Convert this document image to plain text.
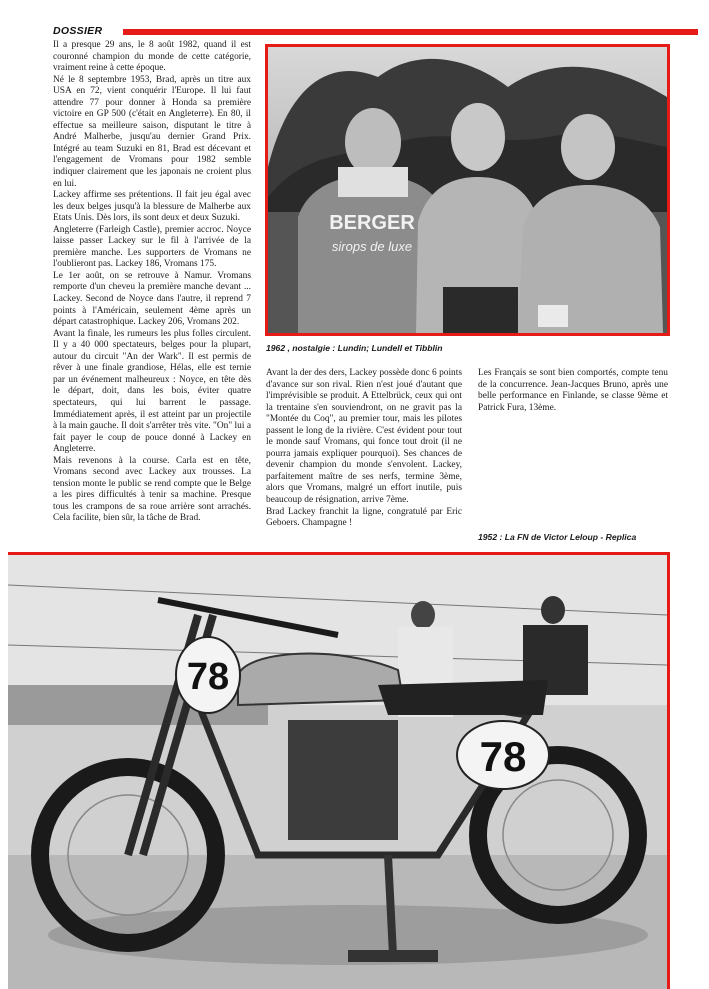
DOSSIER

Il a presque 29 ans, le 8 août 1982, quand il est couronné champion du monde de cette catégorie, vraiment reine à cette époque.

Né le 8 septembre 1953, Brad, après un titre aux USA en 72, vient conquérir l'Europe. Il lui faut attendre 77 pour donner à Honda sa première victoire en GP 500 (c'était en Angleterre). En 80, il effectue sa meilleure saison, disputant le titre à André Malherbe, jusqu'au dernier Grand Prix. Intégré au team Suzuki en 81, Brad est décevant et l'engagement de Vromans pour 1982 semble indiquer clairement que les japonais ne croient plus en lui.

Lackey affirme ses prétentions. Il fait jeu égal avec les deux belges jusqu'à la blessure de Malherbe aux Etats Unis. Dès lors, ils sont deux et deux Suzuki.

Angleterre (Farleigh Castle), premier accroc. Noyce laisse passer Lackey sur le fil à l'arrivée de la première manche. Les supporters de Vromans ne l'oublieront pas. Lackey 186, Vromans 175.

Le 1er août, on se retrouve à Namur. Vromans remporte d'un cheveu la première manche devant ... Lackey. Second de Noyce dans l'autre, il reprend 7 points à l'Américain, seulement 4ème après un départ catastrophique. Lackey 206, Vromans 202.

Avant la finale, les rumeurs les plus folles circulent. Il y a 40 000 spectateurs, belges pour la plupart, autour du circuit "An der Wark". Il est permis de rêver à une finale grandiose, Hélas, elle est ternie par un événement malheureux : Noyce, en tête dès le départ, doit, dans les bois, éviter quatre spectateurs, qui lui barrent le passage. Immédiatement après, il est atteint par un projectile à la main gauche. Il doit s'arrêter très vite. "On" lui a fait payer le coup de pouce donné à Lackey en Angleterre.

Mais revenons à la course. Carla est en tête, Vromans second avec Lackey aux trousses. La tension monte le public se rend compte que le Belge a les pires difficultés à tenir sa machine. Presque tous les crampons de sa roue arrière sont arrachés. Cela facilite, bien sûr, la tâche de Brad.

BERGER
sirops de luxe
1962 , nostalgie : Lundin; Lundell et Tibblin

Avant la der des ders, Lackey possède donc 6 points d'avance sur son rival. Rien n'est joué d'autant que l'imprévisible se produit. A Ettelbrück, ceux qui ont la trentaine s'en souviendront, on ne gravit pas la "Montée du Coq", au premier tour, mais les pilotes passent le long de la rivière. C'est évident pour tout le monde sauf Vromans, qui fonce tout droit (il ne pourra jamais expliquer pourquoi). Ses chances de devenir champion du monde s'envolent. Lackey, parfaitement maître de ses nerfs, termine 3ème, alors que Vromans, malgré un effort inutile, puis beaucoup de résignation, arrive 7ème.

Brad Lackey franchit la ligne, congratulé par Eric Geboers. Champagne !

Les Français se sont bien comportés, compte tenu de la concurrence. Jean-Jacques Bruno, après une belle performance en Finlande, se classe 9ème et Patrick Fura, 13ème.

1952 : La FN de Victor Leloup - Replica
78
78
